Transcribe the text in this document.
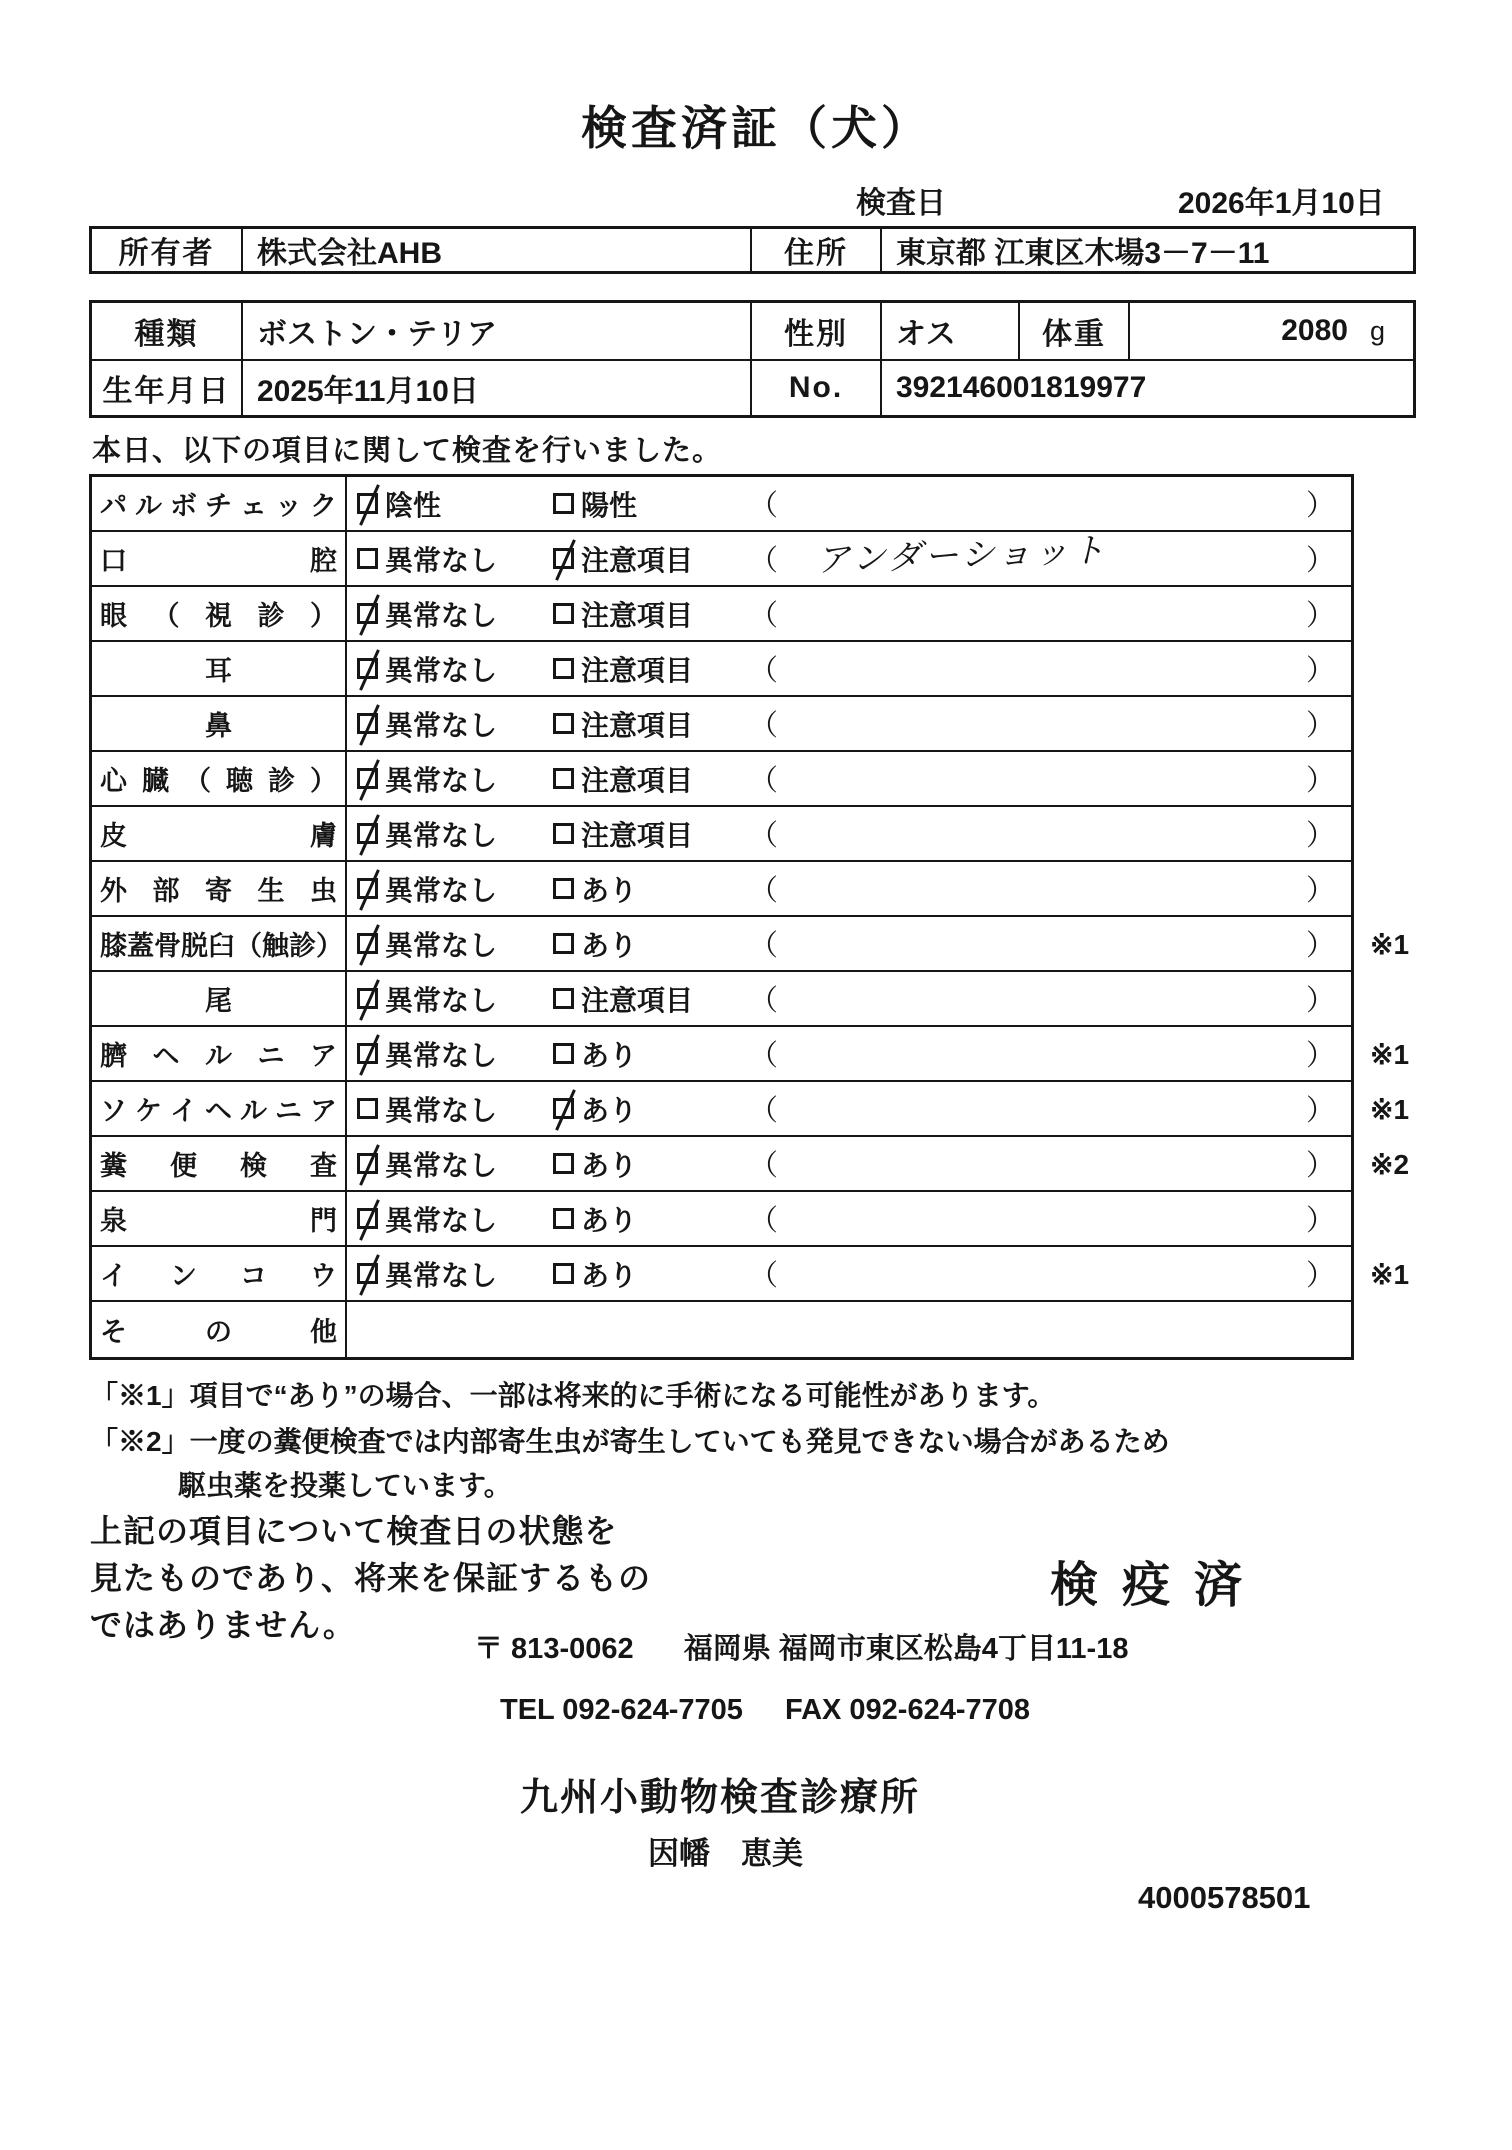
検査済証（犬）
検査日	2026年1月10日
所有者	株式会社AHB	住所	東京都 江東区木場3－7－11
種類	ボストン・テリア	性別	オス	体重	2080 g
生年月日 2025年11月10日	No.	392146001819977
本日、以下の項目に関して検査を行いました。
パ ル ボ チ ェ ッ ク 陰性	陽性	（	）
口	腔 異常なし	注意項目 （	アンダーショット	）
眼 （ 視 診 ） 異常なし	注意項目 （	）
耳	異常なし	注意項目 （	）
鼻	異常なし	注意項目 （	）
心 臓 （ 聴 診 ） 異常なし	注意項目 （	）
皮	膚 異常なし	注意項目 （	）
外 部 寄 生 虫 異常なし	あり	（	）
膝 蓋 骨 脱 臼 （ 触 診 ） 異常なし	あり	（	） ※1
尾	異常なし	注意項目 （	）
臍 ヘ ル ニ ア 異常なし	あり	（	） ※1
ソ ケ イ ヘ ル ニ ア 異常なし	あり	（	） ※1
糞 便 検 査 異常なし	あり	（	） ※2
泉	門 異常なし	あり	（	）
イ ン コ ウ 異常なし	あり	（	） ※1
そ	の	他
「※1」項目で“あり”の場合、一部は将来的に手術になる可能性があります。
「※2」一度の糞便検査では内部寄生虫が寄生していても発見できない場合があるため
駆虫薬を投薬しています。
上記の項目について検査日の状態を
見たものであり、将来を保証するもの
ではありません。
検疫済
〒 813-0062 福岡県 福岡市東区松島4丁目11-18
TEL 092-624-7705 FAX 092-624-7708
九州小動物検査診療所
因幡　恵美
4000578501
